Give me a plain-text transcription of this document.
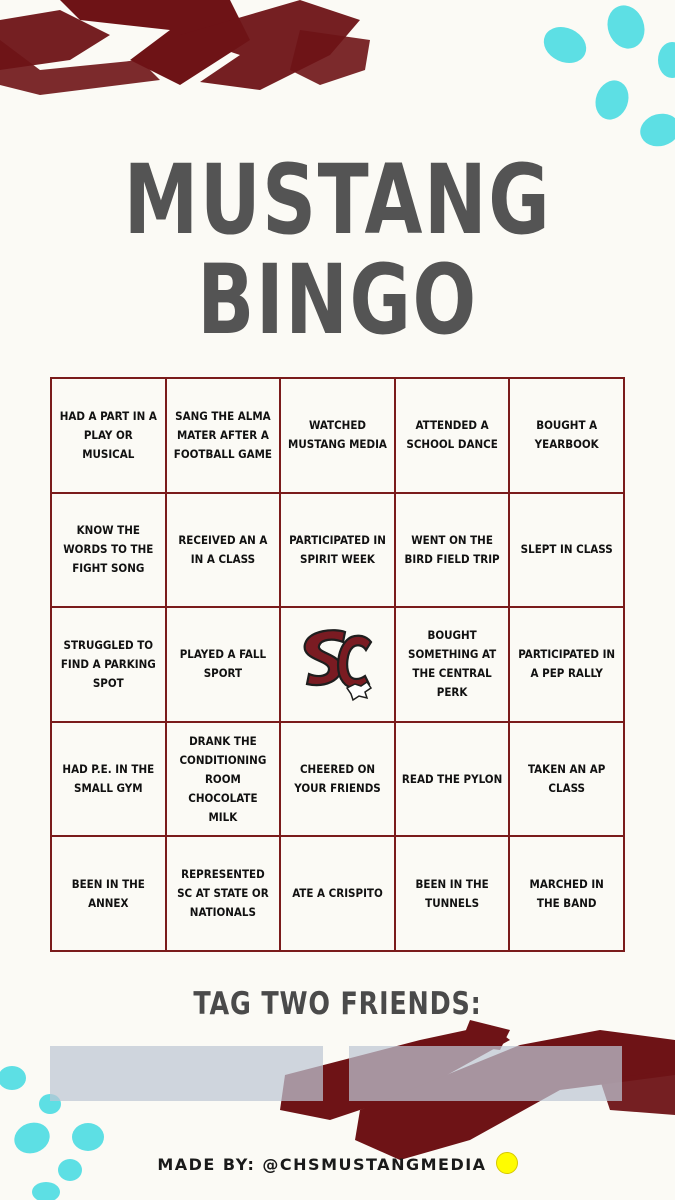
MUSTANG
BINGO
HAD A PART IN A PLAY OR MUSICAL
SANG THE ALMA MATER AFTER A FOOTBALL GAME
WATCHED MUSTANG MEDIA
ATTENDED A SCHOOL DANCE
BOUGHT A YEARBOOK
KNOW THE WORDS TO THE FIGHT SONG
RECEIVED AN A IN A CLASS
PARTICIPATED IN SPIRIT WEEK
WENT ON THE BIRD FIELD TRIP
SLEPT IN CLASS
STRUGGLED TO FIND A PARKING SPOT
PLAYED A FALL SPORT
BOUGHT SOMETHING AT THE CENTRAL PERK
PARTICIPATED IN A PEP RALLY
HAD P.E. IN THE SMALL GYM
DRANK THE CONDITIONING ROOM CHOCOLATE MILK
CHEERED ON YOUR FRIENDS
READ THE PYLON
TAKEN AN AP CLASS
BEEN IN THE ANNEX
REPRESENTED SC AT STATE OR NATIONALS
ATE A CRISPITO
BEEN IN THE TUNNELS
MARCHED IN THE BAND
TAG TWO FRIENDS:
MADE BY: @CHSMUSTANGMEDIA
